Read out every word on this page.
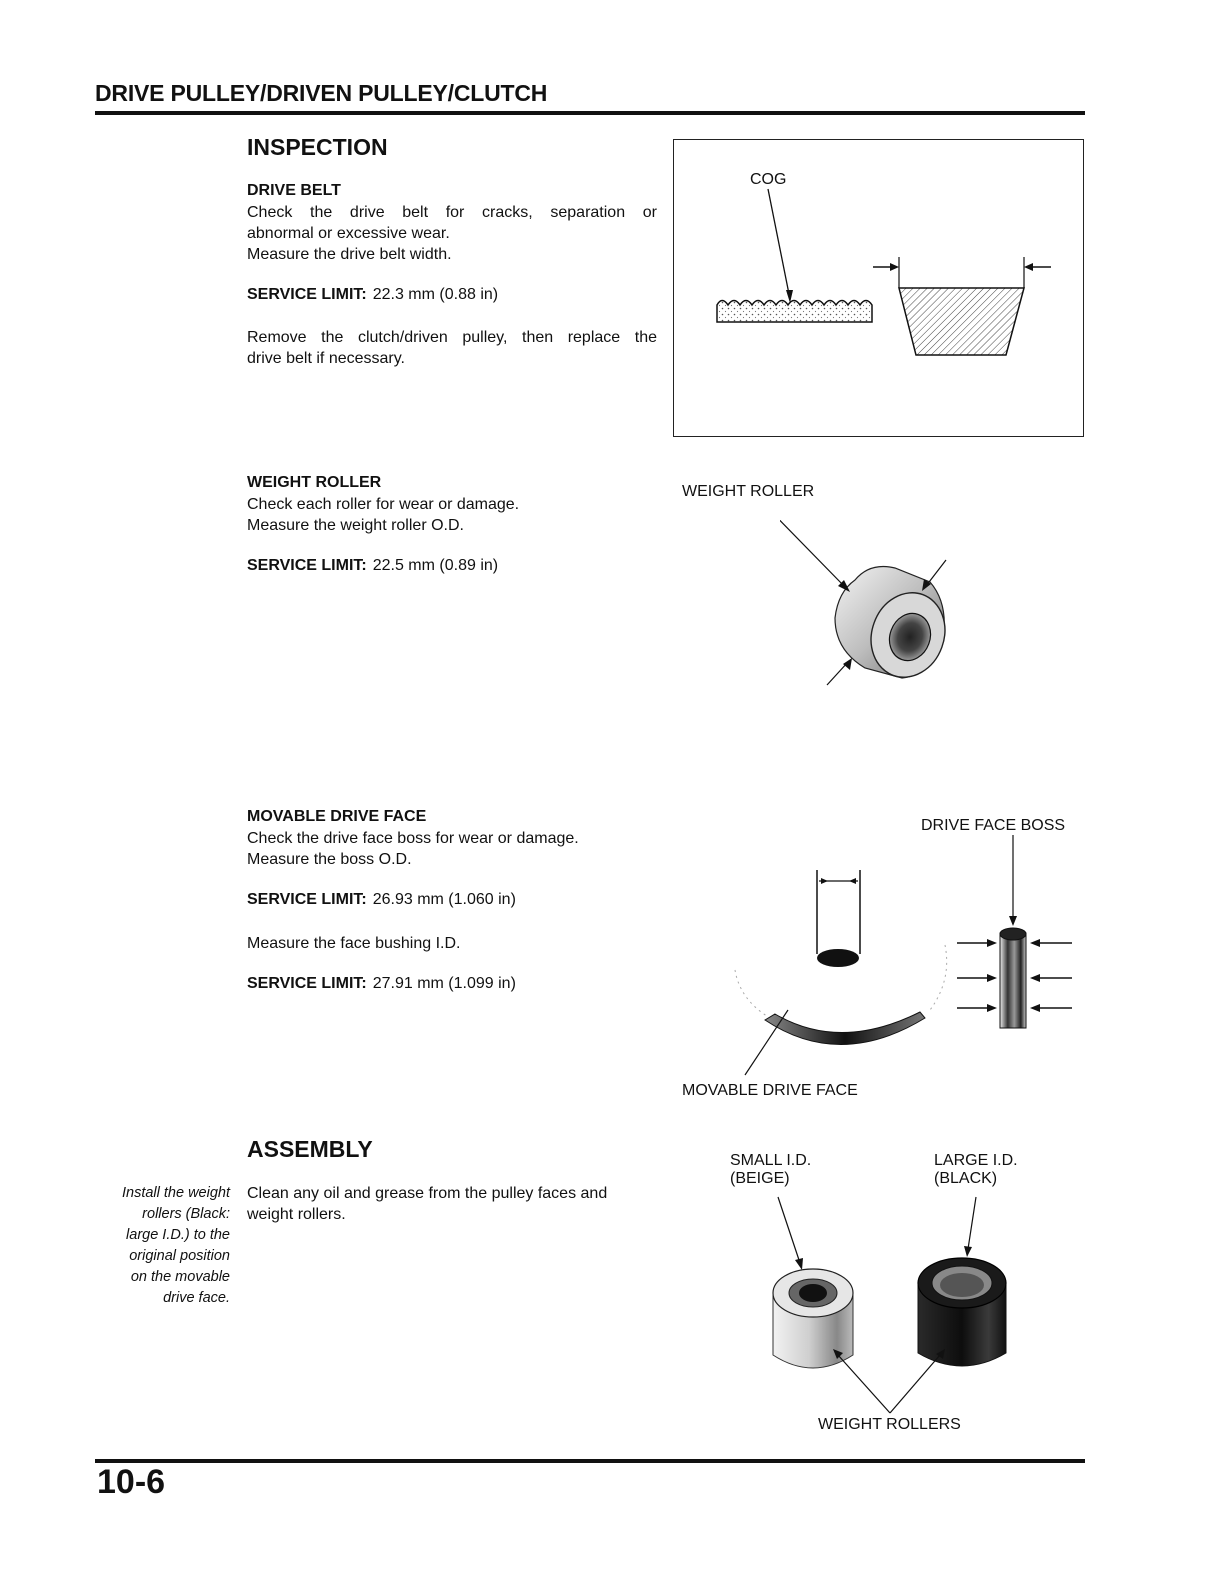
DRIVE PULLEY/DRIVEN PULLEY/CLUTCH
INSPECTION
DRIVE BELT
Check the drive belt for cracks, separation or
abnormal or excessive wear.
Measure the drive belt width.
SERVICE LIMIT: 22.3 mm (0.88 in)
Remove the clutch/driven pulley, then replace the
drive belt if necessary.
COG
WEIGHT ROLLER
Check each roller for wear or damage.
Measure the weight roller O.D.
SERVICE LIMIT: 22.5 mm (0.89 in)
WEIGHT ROLLER
MOVABLE DRIVE FACE
Check the drive face boss for wear or damage.
Measure the boss O.D.
SERVICE LIMIT: 26.93 mm (1.060 in)
Measure the face bushing I.D.
SERVICE LIMIT: 27.91 mm (1.099 in)
DRIVE FACE BOSS
MOVABLE DRIVE FACE
ASSEMBLY
Install the weight
rollers (Black:
large I.D.) to the
original position
on the movable
drive face.
Clean any oil and grease from the pulley faces and
weight rollers.
SMALL I.D.
(BEIGE)
LARGE I.D.
(BLACK)
WEIGHT ROLLERS
10-6
